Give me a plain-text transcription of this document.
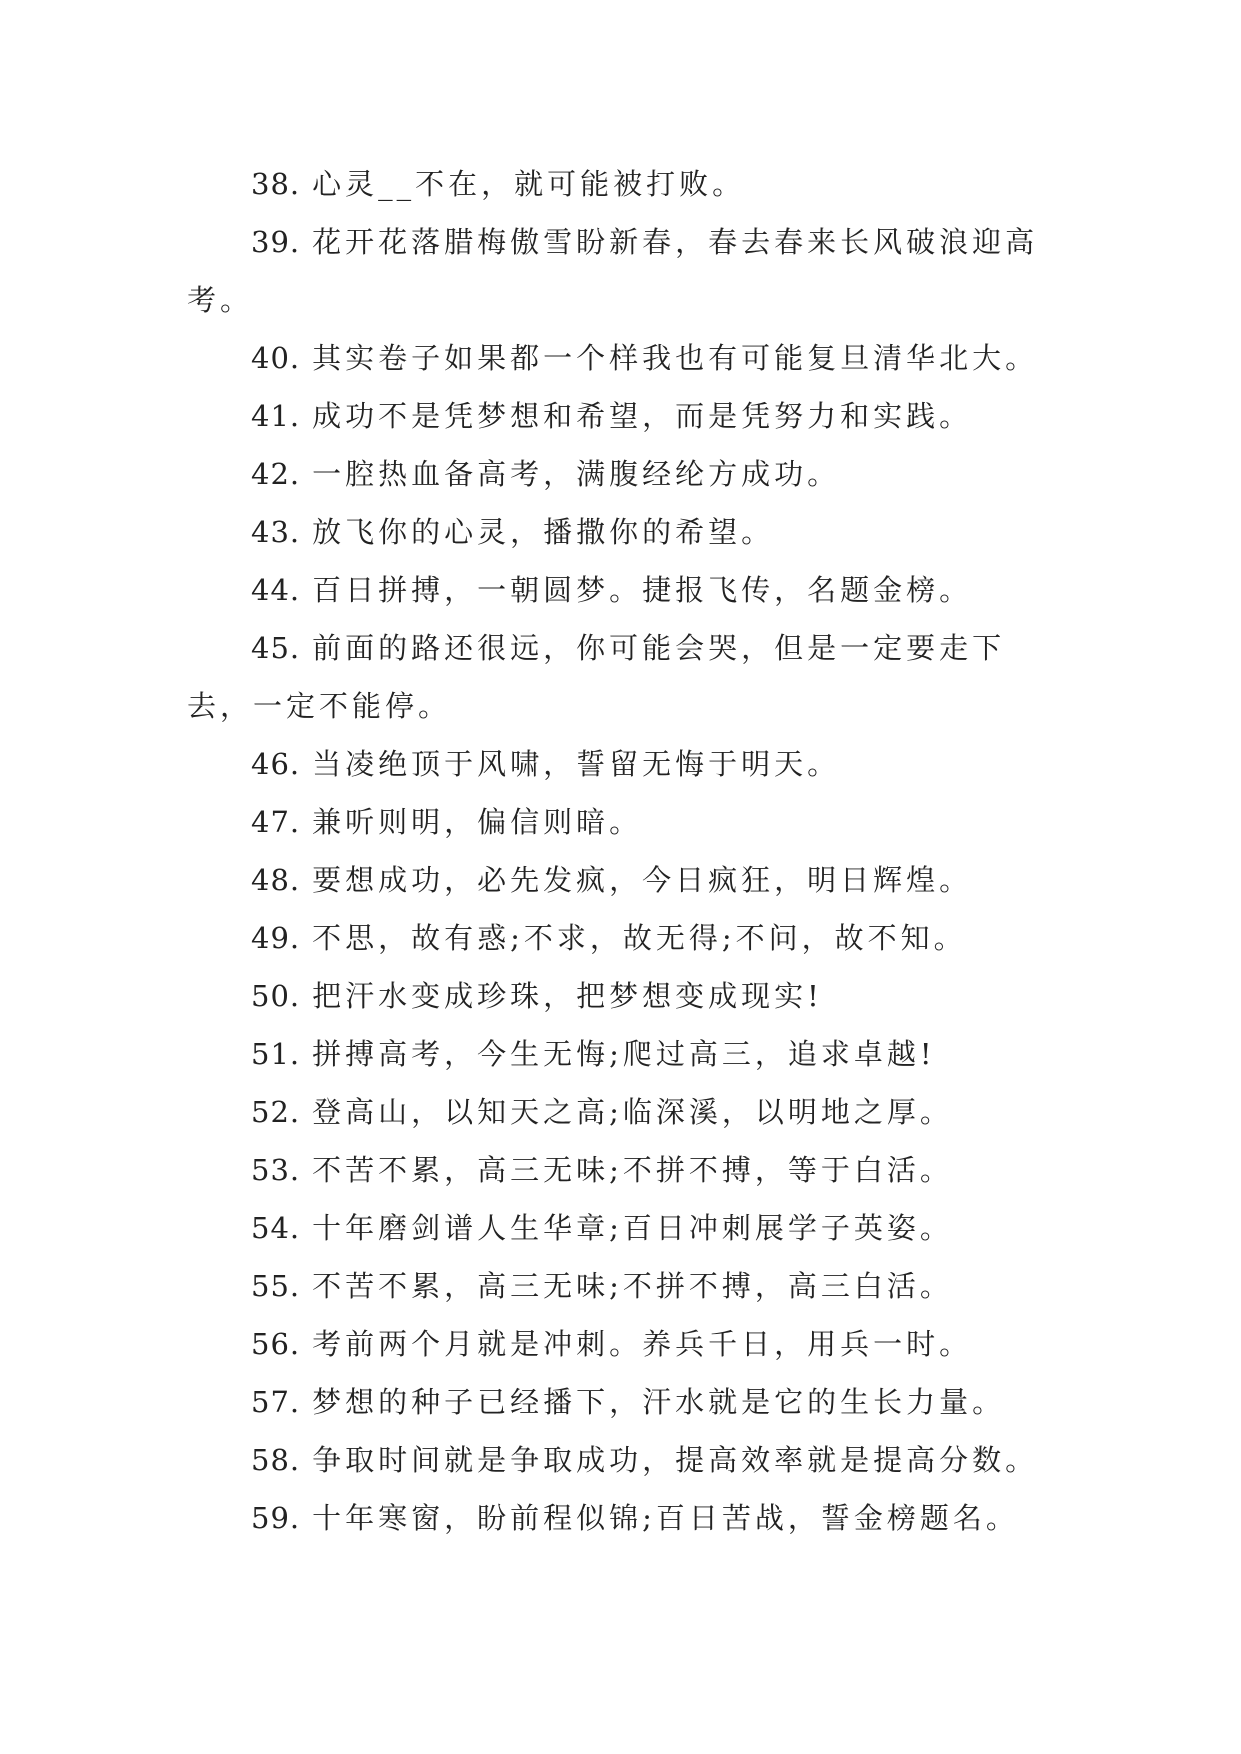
38. 心灵__不在，就可能被打败。

39. 花开花落腊梅傲雪盼新春，春去春来长风破浪迎高考。

40. 其实卷子如果都一个样我也有可能复旦清华北大。

41. 成功不是凭梦想和希望，而是凭努力和实践。

42. 一腔热血备高考，满腹经纶方成功。

43. 放飞你的心灵，播撒你的希望。

44. 百日拼搏，一朝圆梦。捷报飞传，名题金榜。

45. 前面的路还很远，你可能会哭，但是一定要走下去，一定不能停。

46. 当凌绝顶于风啸，誓留无悔于明天。

47. 兼听则明，偏信则暗。

48. 要想成功，必先发疯，今日疯狂，明日辉煌。

49. 不思，故有惑;不求，故无得;不问，故不知。

50. 把汗水变成珍珠，把梦想变成现实!

51. 拼搏高考，今生无悔;爬过高三，追求卓越!

52. 登高山，以知天之高;临深溪，以明地之厚。

53. 不苦不累，高三无味;不拼不搏，等于白活。

54. 十年磨剑谱人生华章;百日冲刺展学子英姿。

55. 不苦不累，高三无味;不拼不搏，高三白活。

56. 考前两个月就是冲刺。养兵千日，用兵一时。

57. 梦想的种子已经播下，汗水就是它的生长力量。

58. 争取时间就是争取成功，提高效率就是提高分数。

59. 十年寒窗，盼前程似锦;百日苦战，誓金榜题名。
